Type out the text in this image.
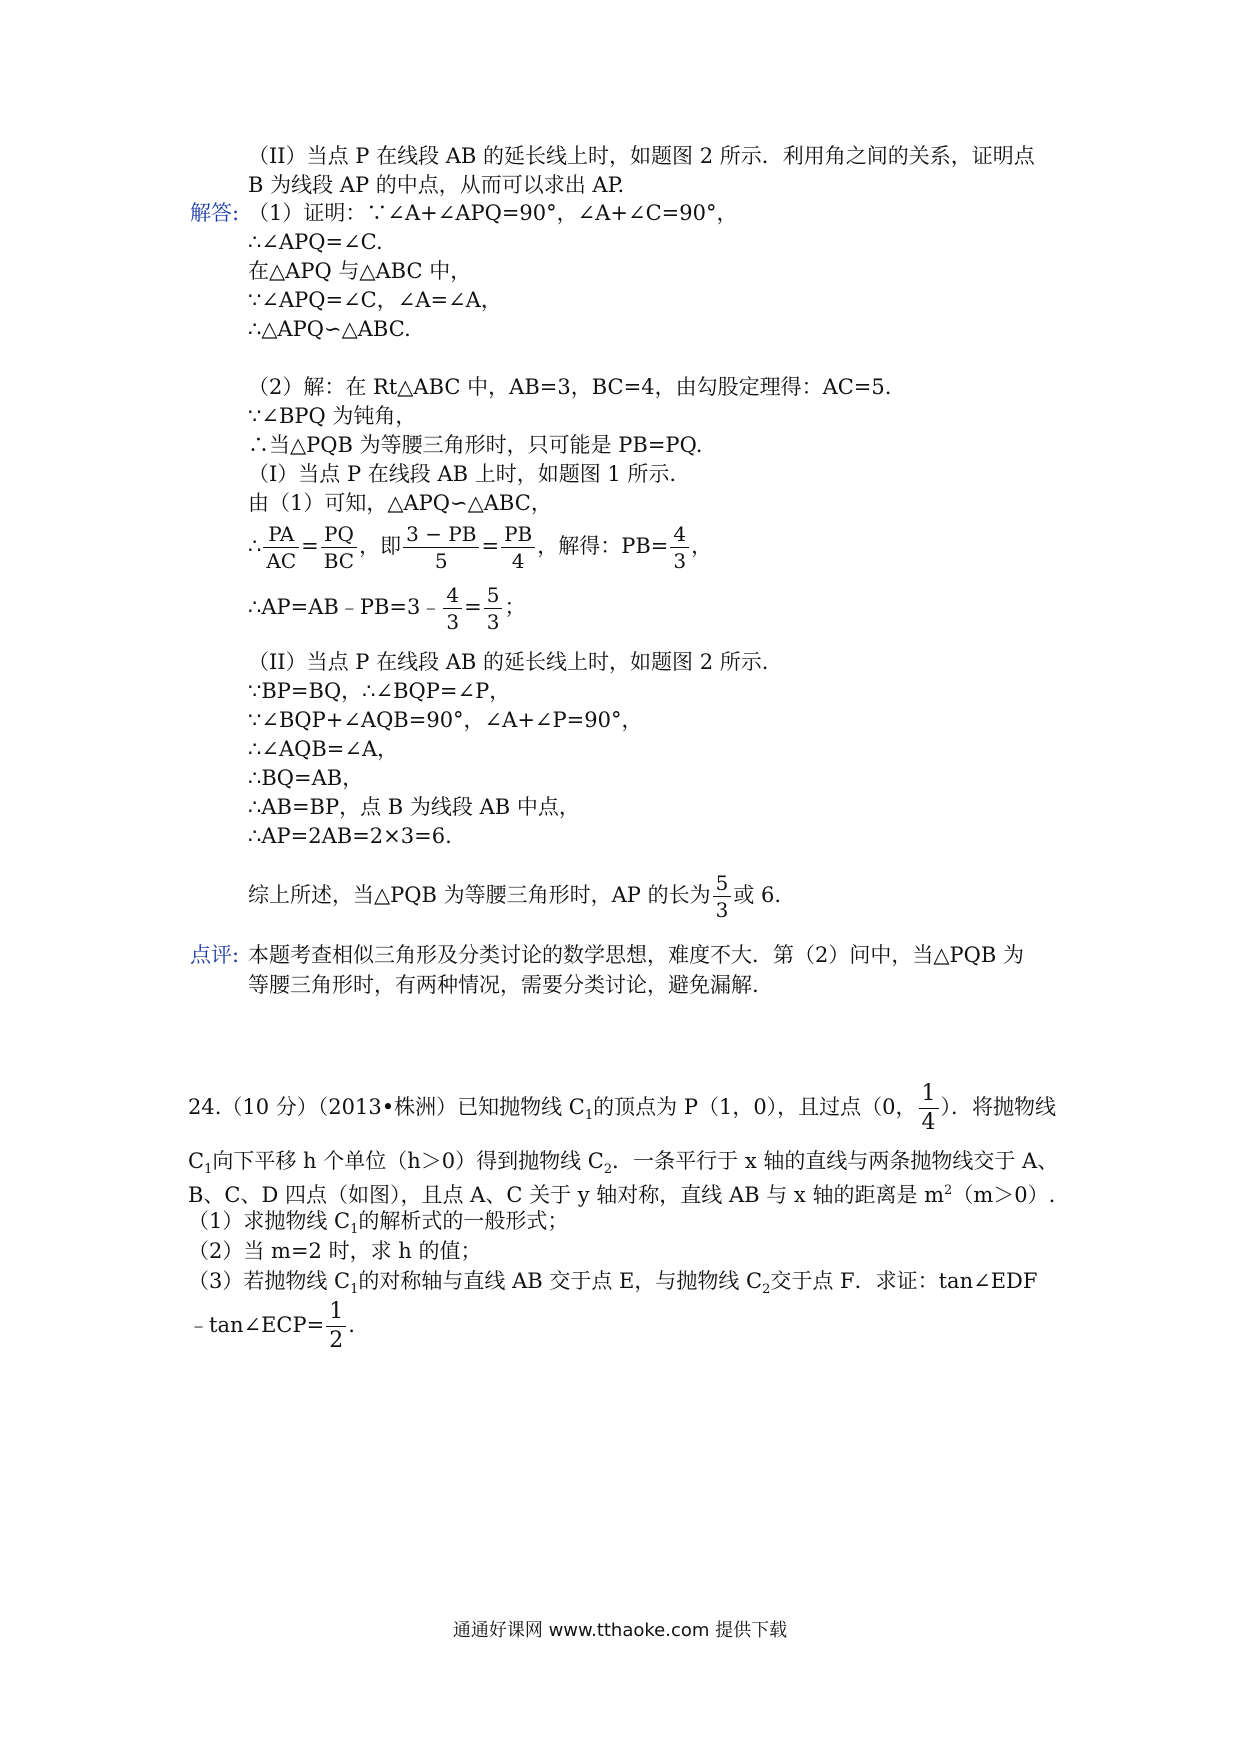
（II）当点 P 在线段 AB 的延长线上时，如题图 2 所示．利用角之间的关系，证明点
B 为线段 AP 的中点，从而可以求出 AP.
解答: （1）证明：∵∠A+∠APQ=90°，∠A+∠C=90°，
∴∠APQ=∠C.
在△APQ 与△ABC 中，
∵∠APQ=∠C，∠A=∠A，
∴△APQ∽△ABC.
（2）解：在 Rt△ABC 中，AB=3，BC=4，由勾股定理得：AC=5.
∵∠BPQ 为钝角，
∴当△PQB 为等腰三角形时，只可能是 PB=PQ.
（I）当点 P 在线段 AB 上时，如题图 1 所示.
由（1）可知，△APQ∽△ABC，
∴ $\frac{PA}{AC} = \frac{PQ}{BC}$ ，即 $\frac{3 - PB}{5} = \frac{PB}{4}$ ，解得：$PB= \frac{4}{3}$ ，
∴AP=AB﹣PB=3﹣ $\frac{4}{3} = \frac{5}{3}$ ；
（II）当点 P 在线段 AB 的延长线上时，如题图 2 所示.
∵BP=BQ，∴∠BQP=∠P，
∵∠BQP+∠AQB=90°，∠A+∠P=90°，
∴∠AQB=∠A，
∴BQ=AB，
∴AB=BP，点 B 为线段 AB 中点，
∴AP=2AB=2×3=6.
综上所述，当△PQB 为等腰三角形时，AP 的长为 $\frac{5}{3}$ 或 6.
点评: 本题考查相似三角形及分类讨论的数学思想，难度不大．第（2）问中，当△PQB 为
等腰三角形时，有两种情况，需要分类讨论，避免漏解.
24.（10 分）（2013•株洲）已知抛物线 $C_1$的顶点为 P（1，0），且过点（0， $\frac{1}{4}$ ）．将抛物线
$C_1$向下平移 h 个单位（h＞0）得到抛物线 $C_2$．一条平行于 x 轴的直线与两条抛物线交于 A、
B、C、D 四点（如图），且点 A、C 关于 y 轴对称，直线 AB 与 x 轴的距离是 $m^2(m>0)$.
（1）求抛物线 $C_1$的解析式的一般形式；
（2）当 m=2 时，求 h 的值；
（3）若抛物线 $C_1$的对称轴与直线 AB 交于点 E，与抛物线 $C_2$交于点 F．求证：tan∠EDF
﹣tan∠ECP= $\frac{1}{2}$ .
通通好课网 www.tthaoke.com 提供下载
